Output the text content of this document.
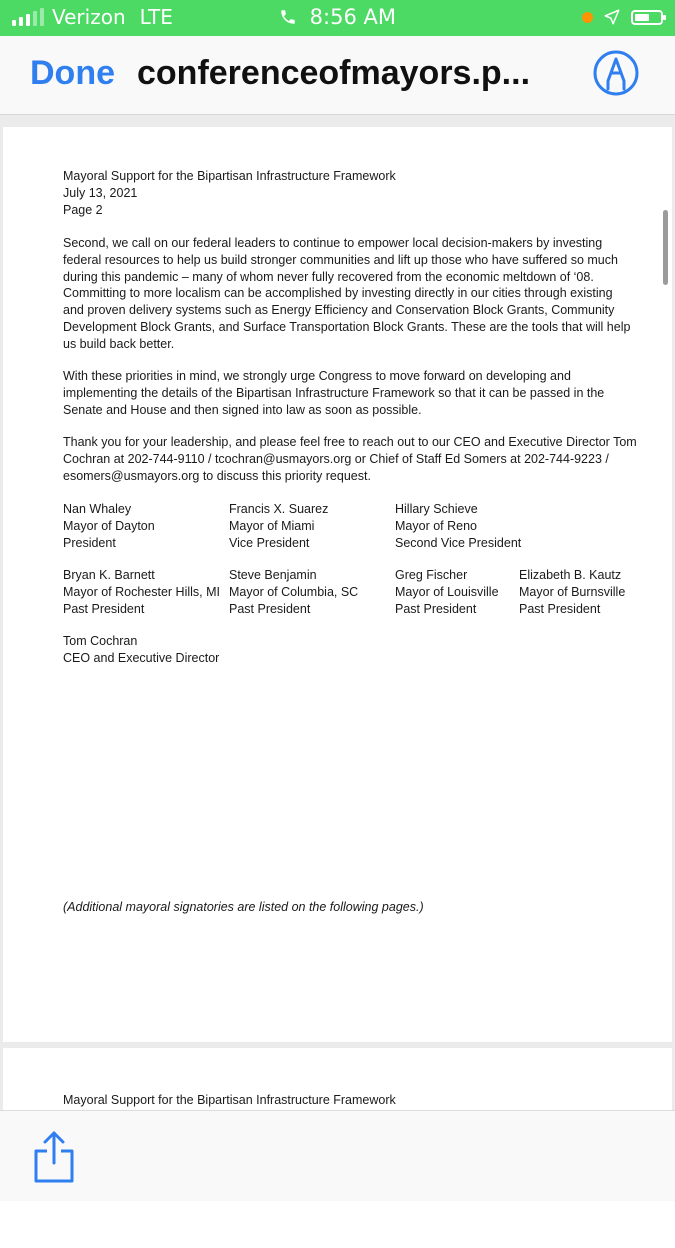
Verizon LTE	8:56 AM
Done conferenceofmayors.p...
Mayoral Support for the Bipartisan Infrastructure Framework
July 13, 2021
Page 2
Second, we call on our federal leaders to continue to empower local decision-makers by investing
federal resources to help us build stronger communities and lift up those who have suffered so much
during this pandemic – many of whom never fully recovered from the economic meltdown of ‘08.
Committing to more localism can be accomplished by investing directly in our cities through existing
and proven delivery systems such as Energy Efficiency and Conservation Block Grants, Community
Development Block Grants, and Surface Transportation Block Grants. These are the tools that will help
us build back better.
With these priorities in mind, we strongly urge Congress to move forward on developing and
implementing the details of the Bipartisan Infrastructure Framework so that it can be passed in the
Senate and House and then signed into law as soon as possible.
Thank you for your leadership, and please feel free to reach out to our CEO and Executive Director Tom
Cochran at 202-744-9110 / tcochran@usmayors.org or Chief of Staff Ed Somers at 202-744-9223 /
esomers@usmayors.org to discuss this priority request.
Nan Whaley
Mayor of Dayton
President
Francis X. Suarez
Mayor of Miami
Vice President
Hillary Schieve
Mayor of Reno
Second Vice President
Bryan K. Barnett
Mayor of Rochester Hills, MI
Past President
Steve Benjamin
Mayor of Columbia, SC
Past President
Greg Fischer
Mayor of Louisville
Past President
Elizabeth B. Kautz
Mayor of Burnsville
Past President
Tom Cochran
CEO and Executive Director
(Additional mayoral signatories are listed on the following pages.)
Mayoral Support for the Bipartisan Infrastructure Framework
